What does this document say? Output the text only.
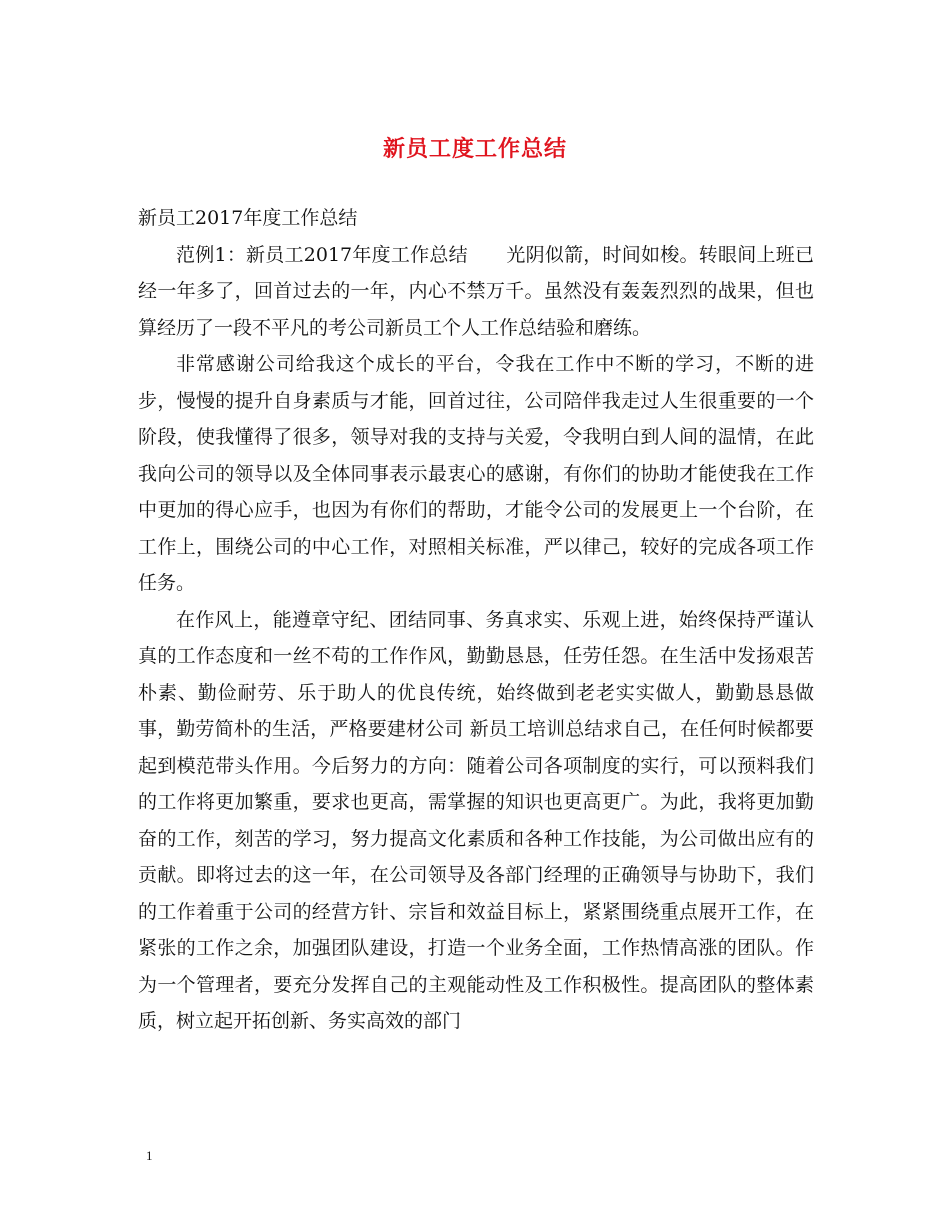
新员工度工作总结

新员工2017年度工作总结

范例1：新员工2017年度工作总结　　光阴似箭，时间如梭。转眼间上班已经一年多了，回首过去的一年，内心不禁万千。虽然没有轰轰烈烈的战果，但也算经历了一段不平凡的考公司新员工个人工作总结验和磨练。

非常感谢公司给我这个成长的平台，令我在工作中不断的学习，不断的进步，慢慢的提升自身素质与才能，回首过往，公司陪伴我走过人生很重要的一个阶段，使我懂得了很多，领导对我的支持与关爱，令我明白到人间的温情，在此我向公司的领导以及全体同事表示最衷心的感谢，有你们的协助才能使我在工作中更加的得心应手，也因为有你们的帮助，才能令公司的发展更上一个台阶，在工作上，围绕公司的中心工作，对照相关标准，严以律己，较好的完成各项工作任务。

在作风上，能遵章守纪、团结同事、务真求实、乐观上进，始终保持严谨认真的工作态度和一丝不苟的工作作风，勤勤恳恳，任劳任怨。在生活中发扬艰苦朴素、勤俭耐劳、乐于助人的优良传统，始终做到老老实实做人，勤勤恳恳做事，勤劳简朴的生活，严格要建材公司 新员工培训总结求自己，在任何时候都要起到模范带头作用。今后努力的方向：随着公司各项制度的实行，可以预料我们的工作将更加繁重，要求也更高，需掌握的知识也更高更广。为此，我将更加勤奋的工作，刻苦的学习，努力提高文化素质和各种工作技能，为公司做出应有的贡献。即将过去的这一年，在公司领导及各部门经理的正确领导与协助下，我们 的工作着重于公司的经营方针、宗旨和效益目标上，紧紧围绕重点展开工作，在紧张的工作之余，加强团队建设，打造一个业务全面，工作热情高涨的团队。作为一个管理者，要充分发挥自己的主观能动性及工作积极性。提高团队的整体素质，树立起开拓创新、务实高效的部门

1
